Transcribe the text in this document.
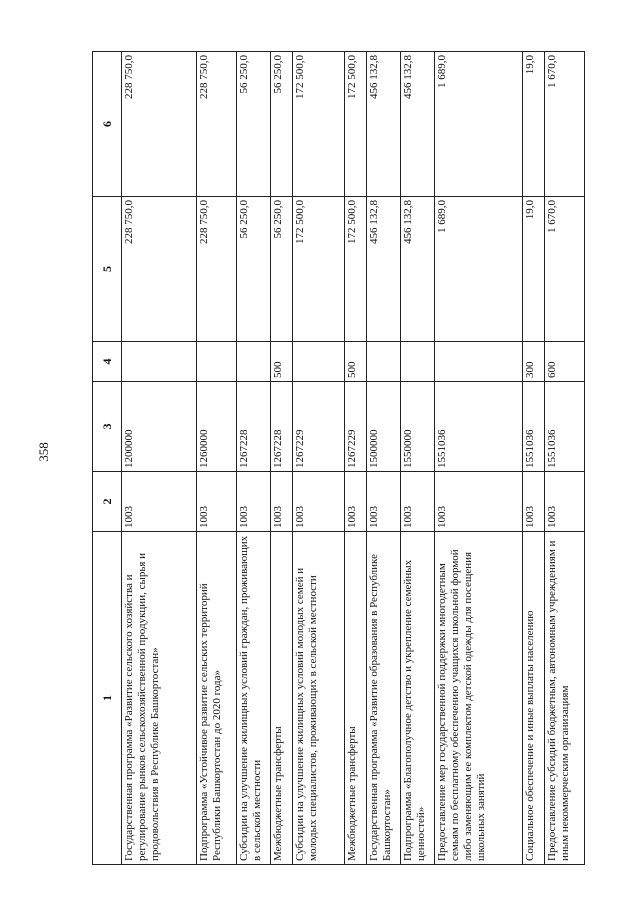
358
1	2	3	4	5	6
Государственная программа «Развитие сельского хозяйства и регулирование рынков сельскохозяйственной продукции, сырья и продовольствия в Республике Башкортостан»	1003	1200000		228 750,0	228 750,0
Подпрограмма «Устойчивое развитие сельских территорий Республики Башкортостан до 2020 года»	1003	1260000		228 750,0	228 750,0
Субсидии на улучшение жилищных условий граждан, проживающих в сельской местности	1003	1267228		56 250,0	56 250,0
Межбюджетные трансферты	1003	1267228	500	56 250,0	56 250,0
Субсидии на улучшение жилищных условий молодых семей и молодых специалистов, проживающих в сельской местности	1003	1267229		172 500,0	172 500,0
Межбюджетные трансферты	1003	1267229	500	172 500,0	172 500,0
Государственная программа «Развитие образования в Республике Башкортостан»	1003	1500000		456 132,8	456 132,8
Подпрограмма «Благополучное детство и укрепление семейных ценностей»	1003	1550000		456 132,8	456 132,8
Предоставление мер государственной поддержки многодетным семьям по бесплатному обеспечению учащихся школьной формой либо заменяющим ее комплектом детской одежды для посещения школьных занятий	1003	1551036		1 689,0	1 689,0
Социальное обеспечение и иные выплаты населению	1003	1551036	300	19,0	19,0
Предоставление субсидий бюджетным, автономным учреждениям и иным некоммерческим организациям	1003	1551036	600	1 670,0	1 670,0
